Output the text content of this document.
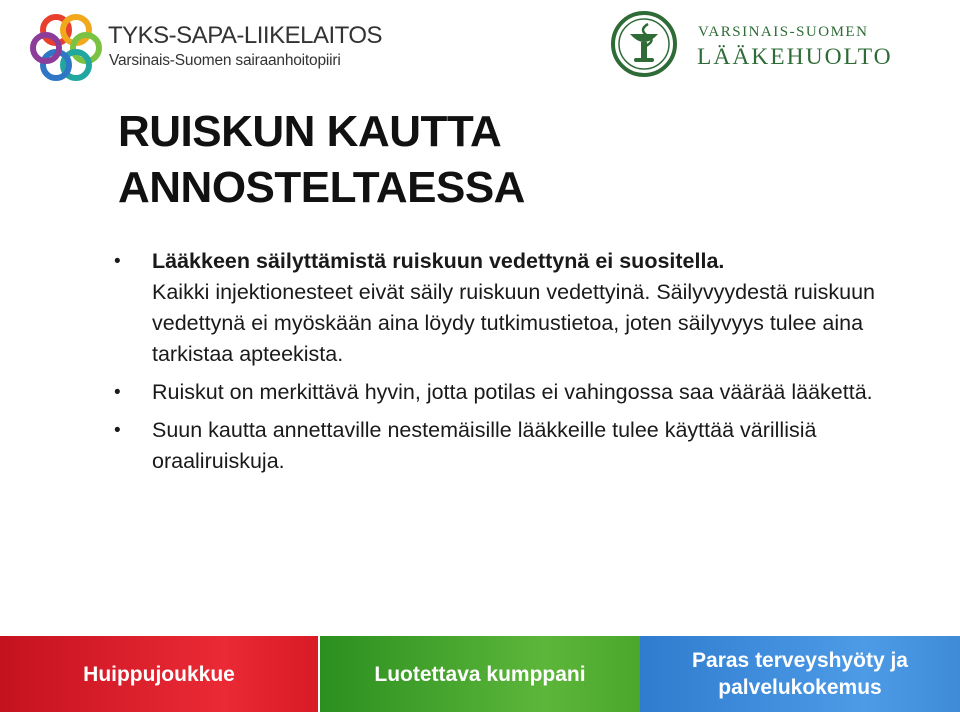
TYKS-SAPA-LIIKELAITOS
Varsinais-Suomen sairaanhoitopiiri
VARSINAIS-SUOMEN
LÄÄKEHUOLTO
RUISKUN KAUTTA
ANNOSTELTAESSA
• Lääkkeen säilyttämistä ruiskuun vedettynä ei suositella.
Kaikki injektionesteet eivät säily ruiskuun vedettyinä. Säilyvyydestä ruiskuun vedettynä ei myöskään aina löydy tutkimustietoa, joten säilyvyys tulee aina tarkistaa apteekista.
• Ruiskut on merkittävä hyvin, jotta potilas ei vahingossa saa väärää lääkettä.
• Suun kautta annettaville nestemäisille lääkkeille tulee käyttää värillisiä oraaliruiskuja.
Huippujoukkue	Luotettava kumppani
Paras terveyshyöty ja palvelukokemus
